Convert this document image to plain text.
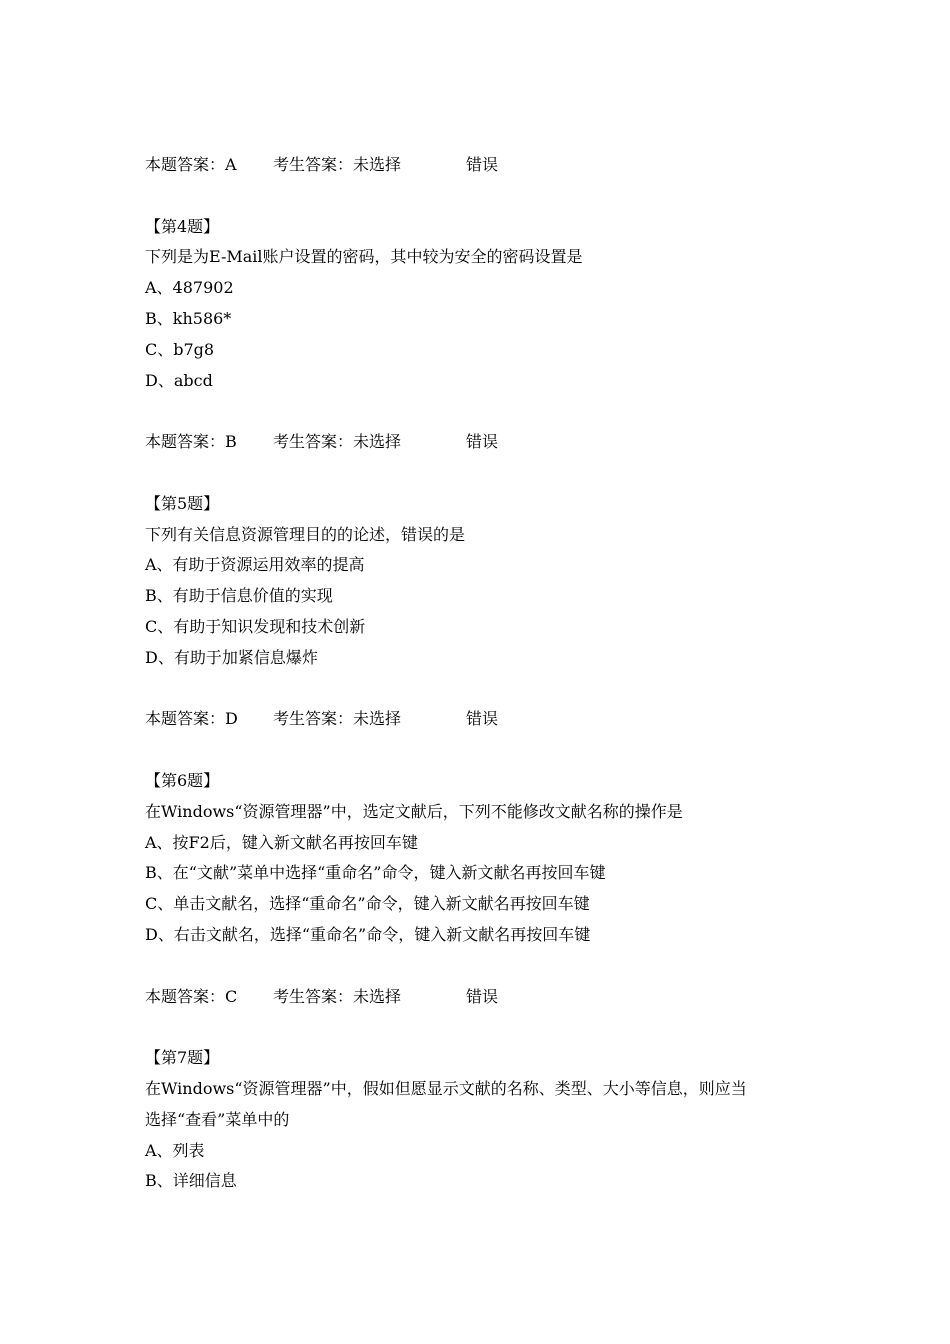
本题答案：A 考生答案：未选择	错误
【第4题】
下列是为E-Mail账户设置的密码，其中较为安全的密码设置是
A、487902
B、kh586*
C、b7g8
D、abcd
本题答案：B 考生答案：未选择	错误
【第5题】
下列有关信息资源管理目的的论述，错误的是
A、有助于资源运用效率的提高
B、有助于信息价值的实现
C、有助于知识发现和技术创新
D、有助于加紧信息爆炸
本题答案：D 考生答案：未选择	错误
【第6题】
在Windows“资源管理器”中，选定文献后，下列不能修改文献名称的操作是
A、按F2后，键入新文献名再按回车键
B、在“文献”菜单中选择“重命名”命令，键入新文献名再按回车键
C、单击文献名，选择“重命名”命令，键入新文献名再按回车键
D、右击文献名，选择“重命名”命令，键入新文献名再按回车键
本题答案：C 考生答案：未选择	错误
【第7题】
在Windows“资源管理器”中，假如但愿显示文献的名称、类型、大小等信息，则应当
选择“查看”菜单中的
A、列表
B、详细信息
